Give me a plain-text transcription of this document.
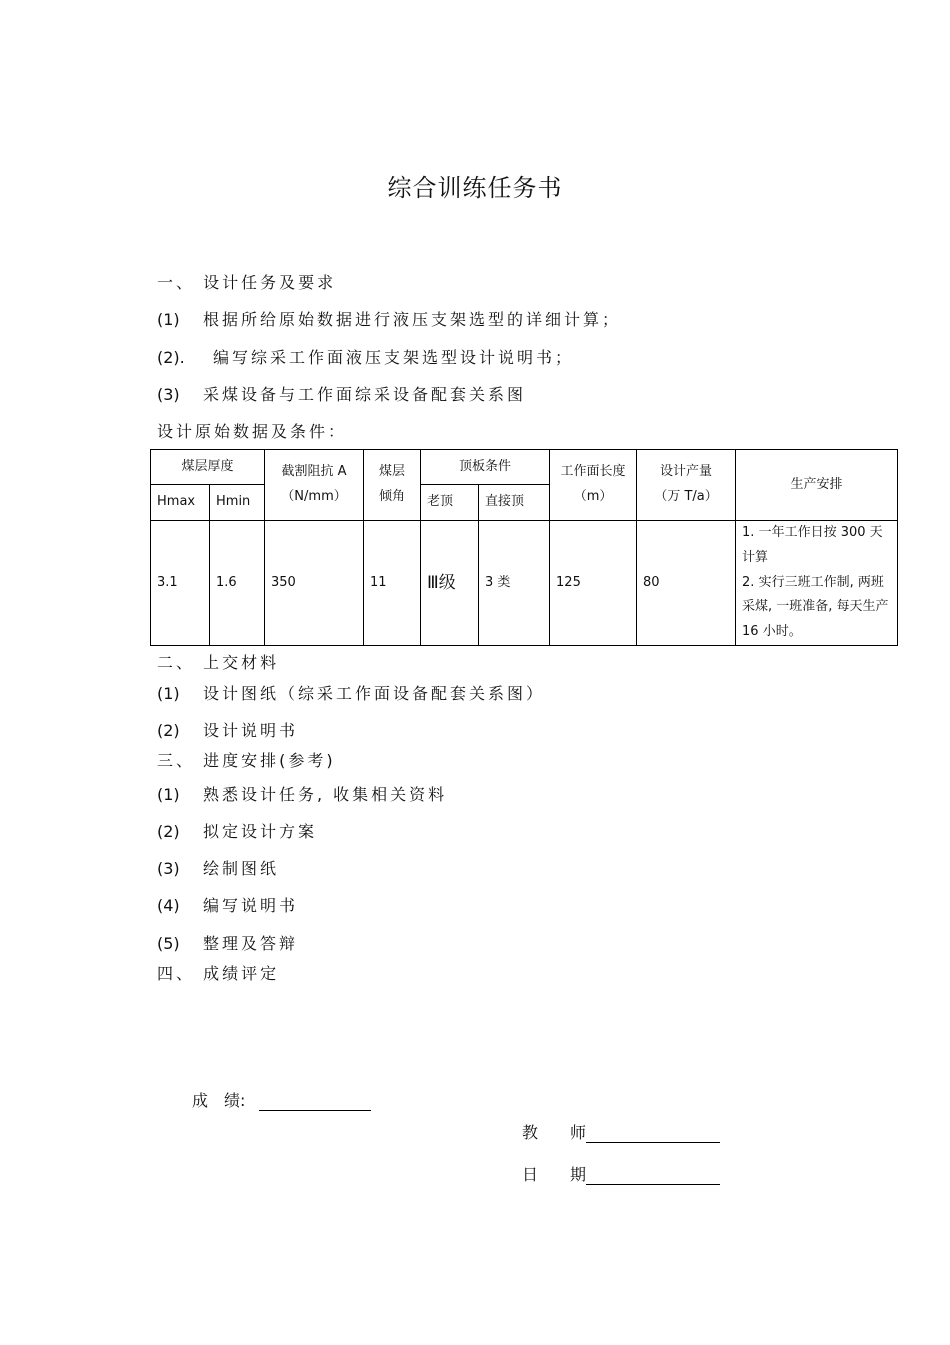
综合训练任务书
一、 设计任务及要求
(1) 根据所给原始数据进行液压支架选型的详细计算；
(2). 编写综采工作面液压支架选型设计说明书；
(3) 采煤设备与工作面综采设备配套关系图
设计原始数据及条件：
煤层厚度		截割阻抗 A（N/mm）	煤层倾角	顶板条件		工作面长度（m）	设计产量（万 T/a）	生产安排
Hmax	Hmin			老顶	直接顶			
3.1	1.6	350	11	Ⅲ级	3 类	125	80	1. 一年工作日按 300 天计算
2. 实行三班工作制, 两班采煤, 一班准备, 每天生产 16 小时。
二、 上交材料
(1) 设计图纸（综采工作面设备配套关系图）
(2) 设计说明书
三、 进度安排(参考)
(1) 熟悉设计任务, 收集相关资料
(2) 拟定设计方案
(3) 绘制图纸
(4) 编写说明书
(5) 整理及答辩
四、 成绩评定
成　绩:
教　　师
日　　期
